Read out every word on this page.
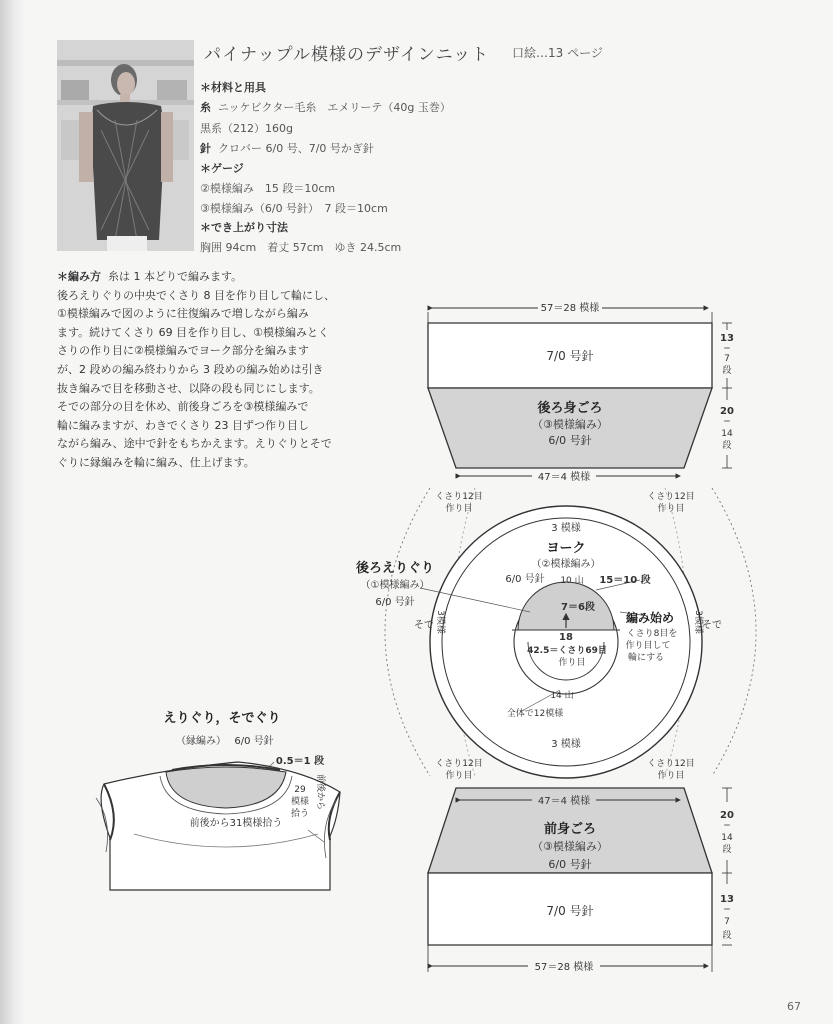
パイナップル模様のデザインニット 口絵…13 ページ
＊材料と用具
糸 ニッケビクター毛糸　エメリーテ（40g 玉巻）
黒系（212）160g
針 クロバー 6/0 号、7/0 号かぎ針
＊ゲージ
②模様編み　15 段＝10cm
③模様編み（6/0 号針）　7 段＝10cm
＊でき上がり寸法
胸囲 94cm　着丈 57cm　ゆき 24.5cm
＊編み方 糸は 1 本どりで編みます。
後ろえりぐりの中央でくさり 8 目を作り目して輪にし、
①模様編みで図のように往復編みで増しながら編み
ます。続けてくさり 69 目を作り目し、①模様編みとく
さりの作り目に②模様編みでヨーク部分を編みます
が、2 段めの編み終わりから 3 段めの編み始めは引き
抜き編みで目を移動させ、以降の段も同じにします。
そでの部分の目を休め、前後身ごろを③模様編みで
輪に編みますが、わきでくさり 23 目ずつ作り目し
ながら編み、途中で針をもちかえます。えりぐりとそで
ぐりに縁編みを輪に編み、仕上げます。
57＝28 模様
7/0 号針
後ろ身ごろ
（③模様編み）
6/0 号針
47＝4 模様
13
＝
7
段
20
＝
14
段
くさり12目
作り目
くさり12目
作り目
3 模様
ヨーク
（②模様編み）
6/0 号針 10 山 15＝10 段
後ろえりぐり
（①模様編み）
6/0 号針	7＝6段
18
編み始め
くさり8目を
作り目して
輪にする
42.5＝くさり69目
作り目
14 山
全体で12模様
3 模様
そで 3模様	そで
3模様
くさり12目
作り目
くさり12目
作り目
47＝4 模様
前身ごろ
（③模様編み）
6/0 号針
7/0 号針
57＝28 模様
20
＝
14
段
13
＝
7
段
えりぐり，そでぐり
（縁編み） 6/0 号針
0.5＝1 段
前後から31模様拾う
29
模様
拾う
前後から
67
